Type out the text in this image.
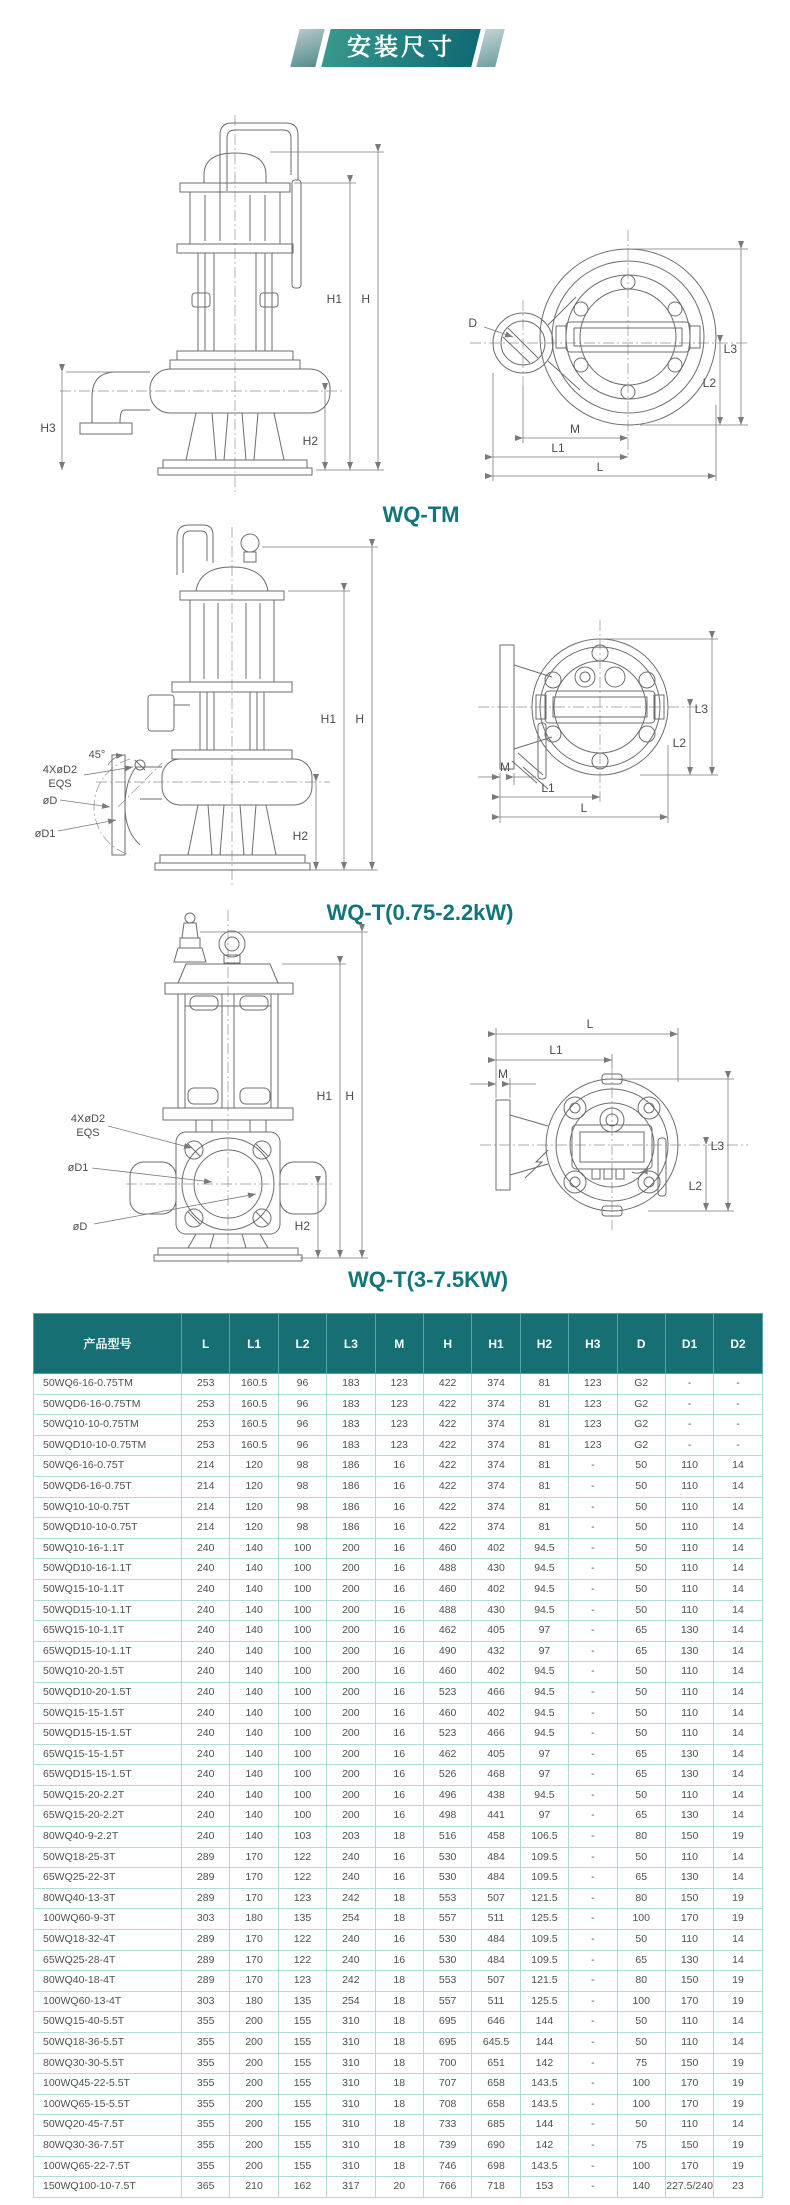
安装尺寸
H
H1
H2
H3
D
L3
L2
M
L1
L
WQ-TM
H
H1
H2
4XøD2
EQS
45°
øD
øD1
M
L1
L
L3
L2
WQ-T(0.75-2.2kW)
H
H1
H2
4XøD2
EQS
øD1
øD
L
L1
M
L3
L2
WQ-T(3-7.5KW)
产品型号	L	L1	L2	L3	M	H	H1	H2	H3	D	D1	D2
50WQ6-16-0.75TM	253	160.5	96	183	123	422	374	81	123	G2	-	-
50WQD6-16-0.75TM	253	160.5	96	183	123	422	374	81	123	G2	-	-
50WQ10-10-0.75TM	253	160.5	96	183	123	422	374	81	123	G2	-	-
50WQD10-10-0.75TM	253	160.5	96	183	123	422	374	81	123	G2	-	-
50WQ6-16-0.75T	214	120	98	186	16	422	374	81	-	50	110	14
50WQD6-16-0.75T	214	120	98	186	16	422	374	81	-	50	110	14
50WQ10-10-0.75T	214	120	98	186	16	422	374	81	-	50	110	14
50WQD10-10-0.75T	214	120	98	186	16	422	374	81	-	50	110	14
50WQ10-16-1.1T	240	140	100	200	16	460	402	94.5	-	50	110	14
50WQD10-16-1.1T	240	140	100	200	16	488	430	94.5	-	50	110	14
50WQ15-10-1.1T	240	140	100	200	16	460	402	94.5	-	50	110	14
50WQD15-10-1.1T	240	140	100	200	16	488	430	94.5	-	50	110	14
65WQ15-10-1.1T	240	140	100	200	16	462	405	97	-	65	130	14
65WQD15-10-1.1T	240	140	100	200	16	490	432	97	-	65	130	14
50WQ10-20-1.5T	240	140	100	200	16	460	402	94.5	-	50	110	14
50WQD10-20-1.5T	240	140	100	200	16	523	466	94.5	-	50	110	14
50WQ15-15-1.5T	240	140	100	200	16	460	402	94.5	-	50	110	14
50WQD15-15-1.5T	240	140	100	200	16	523	466	94.5	-	50	110	14
65WQ15-15-1.5T	240	140	100	200	16	462	405	97	-	65	130	14
65WQD15-15-1.5T	240	140	100	200	16	526	468	97	-	65	130	14
50WQ15-20-2.2T	240	140	100	200	16	496	438	94.5	-	50	110	14
65WQ15-20-2.2T	240	140	100	200	16	498	441	97	-	65	130	14
80WQ40-9-2.2T	240	140	103	203	18	516	458	106.5	-	80	150	19
50WQ18-25-3T	289	170	122	240	16	530	484	109.5	-	50	110	14
65WQ25-22-3T	289	170	122	240	16	530	484	109.5	-	65	130	14
80WQ40-13-3T	289	170	123	242	18	553	507	121.5	-	80	150	19
100WQ60-9-3T	303	180	135	254	18	557	511	125.5	-	100	170	19
50WQ18-32-4T	289	170	122	240	16	530	484	109.5	-	50	110	14
65WQ25-28-4T	289	170	122	240	16	530	484	109.5	-	65	130	14
80WQ40-18-4T	289	170	123	242	18	553	507	121.5	-	80	150	19
100WQ60-13-4T	303	180	135	254	18	557	511	125.5	-	100	170	19
50WQ15-40-5.5T	355	200	155	310	18	695	646	144	-	50	110	14
50WQ18-36-5.5T	355	200	155	310	18	695	645.5	144	-	50	110	14
80WQ30-30-5.5T	355	200	155	310	18	700	651	142	-	75	150	19
100WQ45-22-5.5T	355	200	155	310	18	707	658	143.5	-	100	170	19
100WQ65-15-5.5T	355	200	155	310	18	708	658	143.5	-	100	170	19
50WQ20-45-7.5T	355	200	155	310	18	733	685	144	-	50	110	14
80WQ30-36-7.5T	355	200	155	310	18	739	690	142	-	75	150	19
100WQ65-22-7.5T	355	200	155	310	18	746	698	143.5	-	100	170	19
150WQ100-10-7.5T	365	210	162	317	20	766	718	153	-	140	227.5/240	23
